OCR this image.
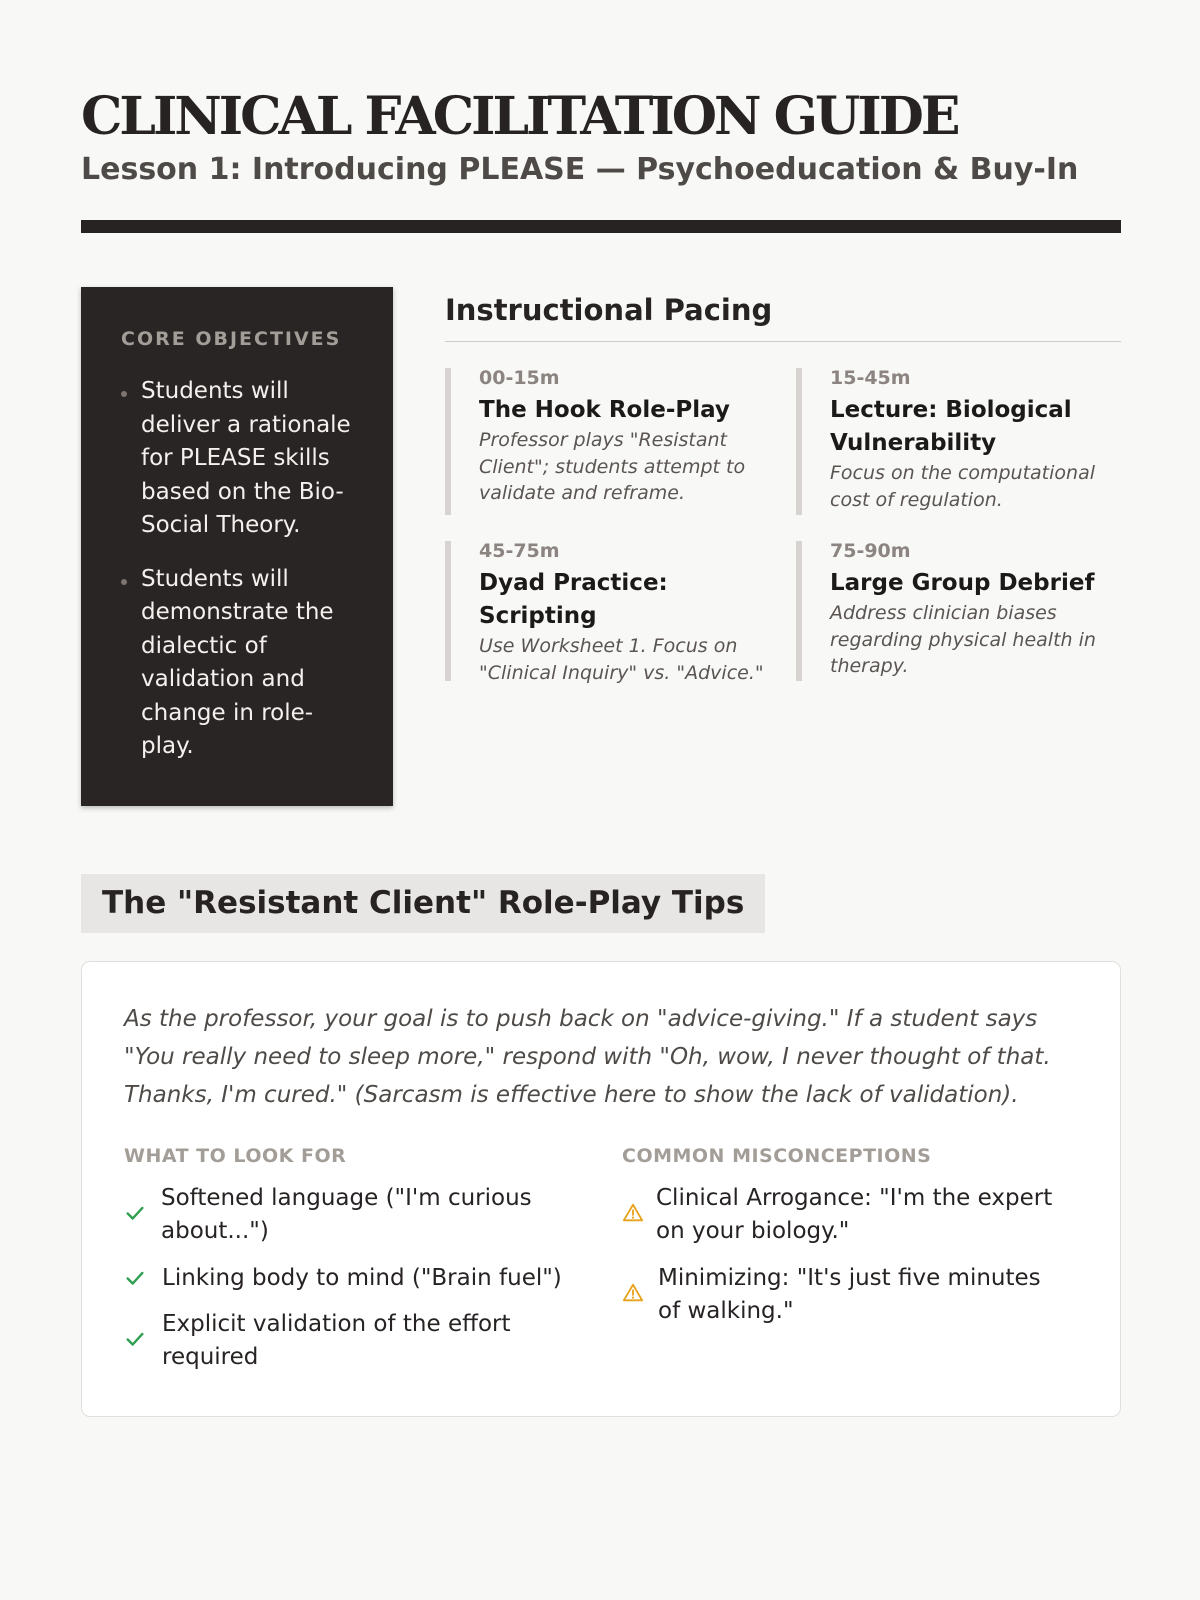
CLINICAL FACILITATION GUIDE
Lesson 1: Introducing PLEASE — Psychoeducation & Buy-In
CORE OBJECTIVES
Students will deliver a rationale for PLEASE skills based on the Bio-Social Theory.
Students will demonstrate the dialectic of validation and change in role-play.
Instructional Pacing
00-15m
The Hook Role-Play
Professor plays "Resistant Client"; students attempt to validate and reframe.
15-45m
Lecture: Biological Vulnerability
Focus on the computational cost of regulation.
45-75m
Dyad Practice: Scripting
Use Worksheet 1. Focus on "Clinical Inquiry" vs. "Advice."
75-90m
Large Group Debrief
Address clinician biases regarding physical health in therapy.
The "Resistant Client" Role-Play Tips

As the professor, your goal is to push back on "advice-giving." If a student says "You really need to sleep more," respond with "Oh, wow, I never thought of that. Thanks, I'm cured." (Sarcasm is effective here to show the lack of validation).

WHAT TO LOOK FOR
Softened language ("I'm curious about...")
Linking body to mind ("Brain fuel")
Explicit validation of the effort required
COMMON MISCONCEPTIONS
Clinical Arrogance: "I'm the expert on your biology."
Minimizing: "It's just five minutes of walking."
